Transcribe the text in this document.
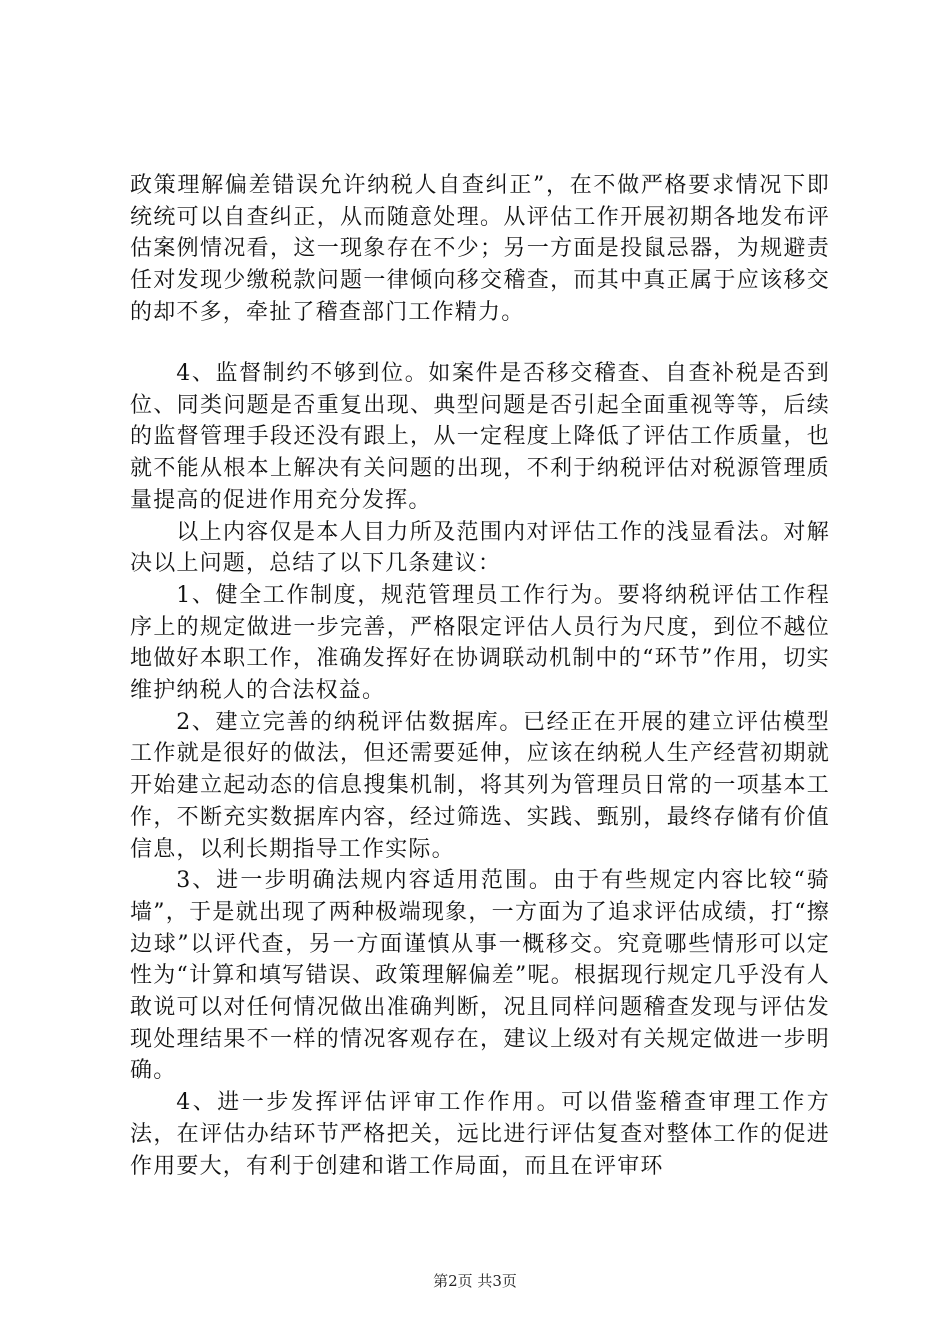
政策理解偏差错误允许纳税人自查纠正”，在不做严格要求情况下即统统可以自查纠正，从而随意处理。从评估工作开展初期各地发布评估案例情况看，这一现象存在不少；另一方面是投鼠忌器，为规避责任对发现少缴税款问题一律倾向移交稽查，而其中真正属于应该移交的却不多，牵扯了稽查部门工作精力。

4、监督制约不够到位。如案件是否移交稽查、自查补税是否到位、同类问题是否重复出现、典型问题是否引起全面重视等等，后续的监督管理手段还没有跟上，从一定程度上降低了评估工作质量，也就不能从根本上解决有关问题的出现，不利于纳税评估对税源管理质量提高的促进作用充分发挥。

以上内容仅是本人目力所及范围内对评估工作的浅显看法。对解决以上问题，总结了以下几条建议：

1、健全工作制度，规范管理员工作行为。要将纳税评估工作程序上的规定做进一步完善，严格限定评估人员行为尺度，到位不越位地做好本职工作，准确发挥好在协调联动机制中的“环节”作用，切实维护纳税人的合法权益。

2、建立完善的纳税评估数据库。已经正在开展的建立评估模型工作就是很好的做法，但还需要延伸，应该在纳税人生产经营初期就开始建立起动态的信息搜集机制，将其列为管理员日常的一项基本工作，不断充实数据库内容，经过筛选、实践、甄别，最终存储有价值信息，以利长期指导工作实际。

3、进一步明确法规内容适用范围。由于有些规定内容比较“骑墙”，于是就出现了两种极端现象，一方面为了追求评估成绩，打“擦边球”以评代查，另一方面谨慎从事一概移交。究竟哪些情形可以定性为“计算和填写错误、政策理解偏差”呢。根据现行规定几乎没有人敢说可以对任何情况做出准确判断，况且同样问题稽查发现与评估发现处理结果不一样的情况客观存在，建议上级对有关规定做进一步明确。

4、进一步发挥评估评审工作作用。可以借鉴稽查审理工作方法，在评估办结环节严格把关，远比进行评估复查对整体工作的促进作用要大，有利于创建和谐工作局面，而且在评审环

第2页 共3页
